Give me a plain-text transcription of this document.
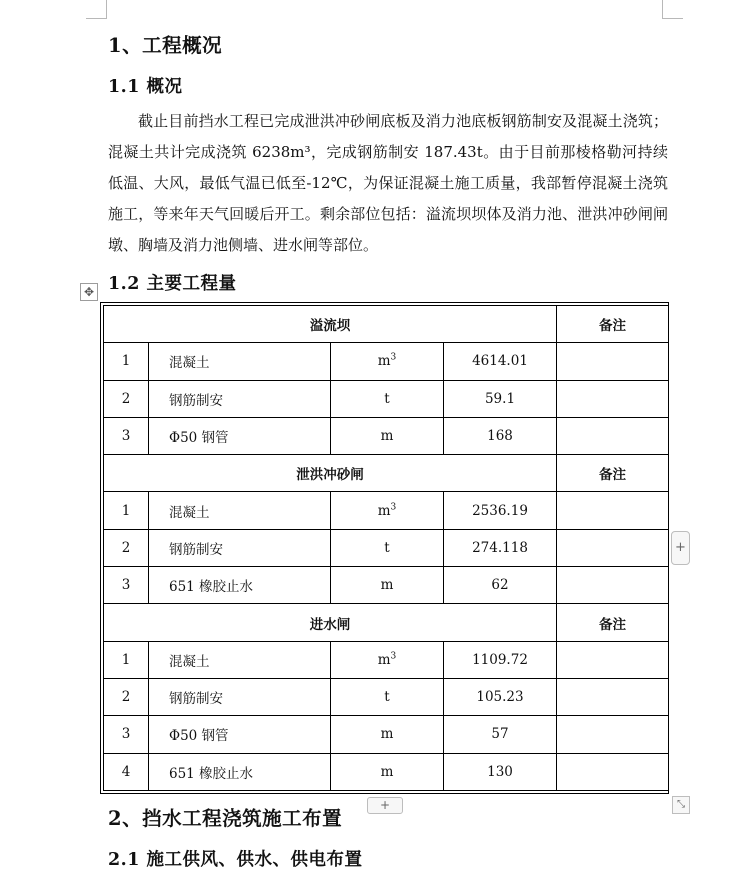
1、工程概况
1.1 概况

截止目前挡水工程已完成泄洪冲砂闸底板及消力池底板钢筋制安及混凝土浇筑；混凝土共计完成浇筑 6238m³，完成钢筋制安 187.43t。由于目前那棱格勒河持续低温、大风，最低气温已低至-12℃，为保证混凝土施工质量，我部暂停混凝土浇筑施工，等来年天气回暖后开工。剩余部位包括：溢流坝坝体及消力池、泄洪冲砂闸闸墩、胸墙及消力池侧墙、进水闸等部位。

1.2 主要工程量
✥
溢流坝				备注
1	混凝土	$m^3$	4614.01	
2	钢筋制安	t	59.1	
3	Φ50 钢管	m	168	
泄洪冲砂闸				备注
1	混凝土	$m^3$	2536.19	
2	钢筋制安	t	274.118	
3	651 橡胶止水	m	62	
进水闸				备注
1	混凝土	$m^3$	1109.72	
2	钢筋制安	t	105.23	
3	Φ50 钢管	m	57	
4	651 橡胶止水	m	130	
+
+	⤡
2、挡水工程浇筑施工布置
2.1 施工供风、供水、供电布置
